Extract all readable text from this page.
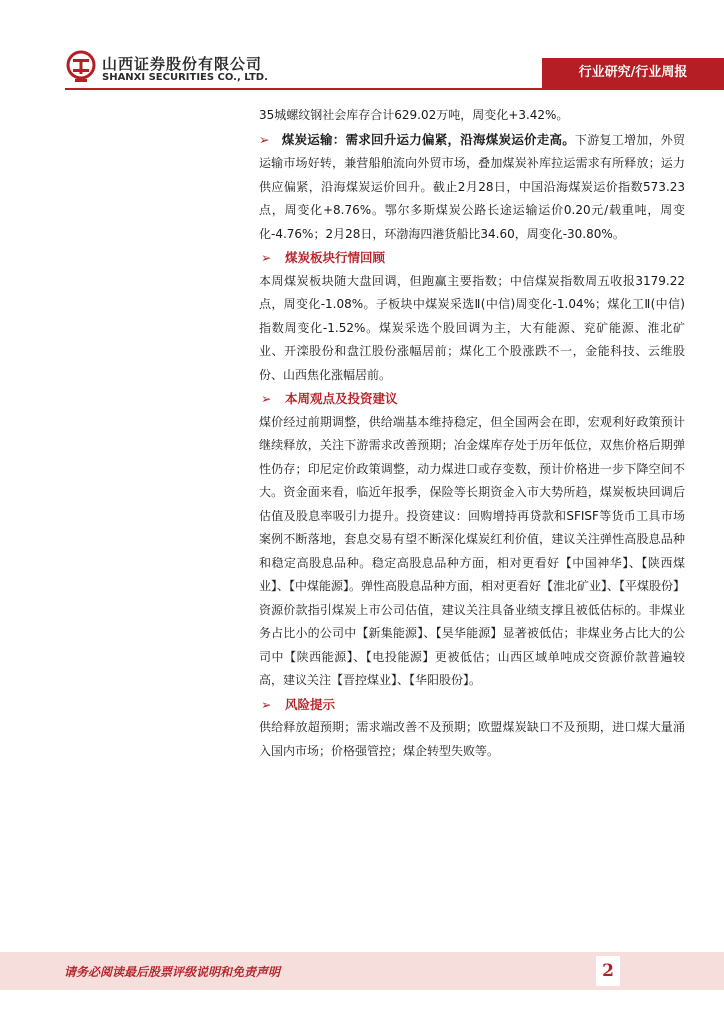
山西证券股份有限公司
SHANXI SECURITIES CO., LTD.	行业研究/行业周报

35城螺纹钢社会库存合计629.02万吨，周变化+3.42%。

➢ 煤炭运输：需求回升运力偏紧，沿海煤炭运价走高。下游复工增加，外贸运输市场好转，兼营船舶流向外贸市场，叠加煤炭补库拉运需求有所释放；运力供应偏紧，沿海煤炭运价回升。截止2月28日，中国沿海煤炭运价指数573.23点，周变化+8.76%。鄂尔多斯煤炭公路长途运输运价0.20元/载重吨，周变化-4.76%；2月28日，环渤海四港货船比34.60，周变化-30.80%。

➢ 煤炭板块行情回顾

本周煤炭板块随大盘回调，但跑赢主要指数；中信煤炭指数周五收报3179.22点，周变化-1.08%。子板块中煤炭采选Ⅱ(中信)周变化-1.04%；煤化工Ⅱ(中信)指数周变化-1.52%。煤炭采选个股回调为主，大有能源、兖矿能源、淮北矿业、开滦股份和盘江股份涨幅居前；煤化工个股涨跌不一，金能科技、云维股份、山西焦化涨幅居前。

➢ 本周观点及投资建议

煤价经过前期调整，供给端基本维持稳定，但全国两会在即，宏观利好政策预计继续释放，关注下游需求改善预期；冶金煤库存处于历年低位，双焦价格后期弹性仍存；印尼定价政策调整，动力煤进口或存变数，预计价格进一步下降空间不大。资金面来看，临近年报季，保险等长期资金入市大势所趋，煤炭板块回调后估值及股息率吸引力提升。投资建议：回购增持再贷款和SFISF等货币工具市场案例不断落地，套息交易有望不断深化煤炭红利价值，建议关注弹性高股息品种和稳定高股息品种。稳定高股息品种方面，相对更看好【中国神华】、【陕西煤业】、【中煤能源】。弹性高股息品种方面，相对更看好【淮北矿业】、【平煤股份】资源价款指引煤炭上市公司估值，建议关注具备业绩支撑且被低估标的。非煤业务占比小的公司中【新集能源】、【昊华能源】显著被低估；非煤业务占比大的公司中【陕西能源】、【电投能源】更被低估；山西区域单吨成交资源价款普遍较高，建议关注【晋控煤业】、【华阳股份】。

➢ 风险提示

供给释放超预期；需求端改善不及预期；欧盟煤炭缺口不及预期，进口煤大量涌入国内市场；价格强管控；煤企转型失败等。

请务必阅读最后股票评级说明和免责声明	2
